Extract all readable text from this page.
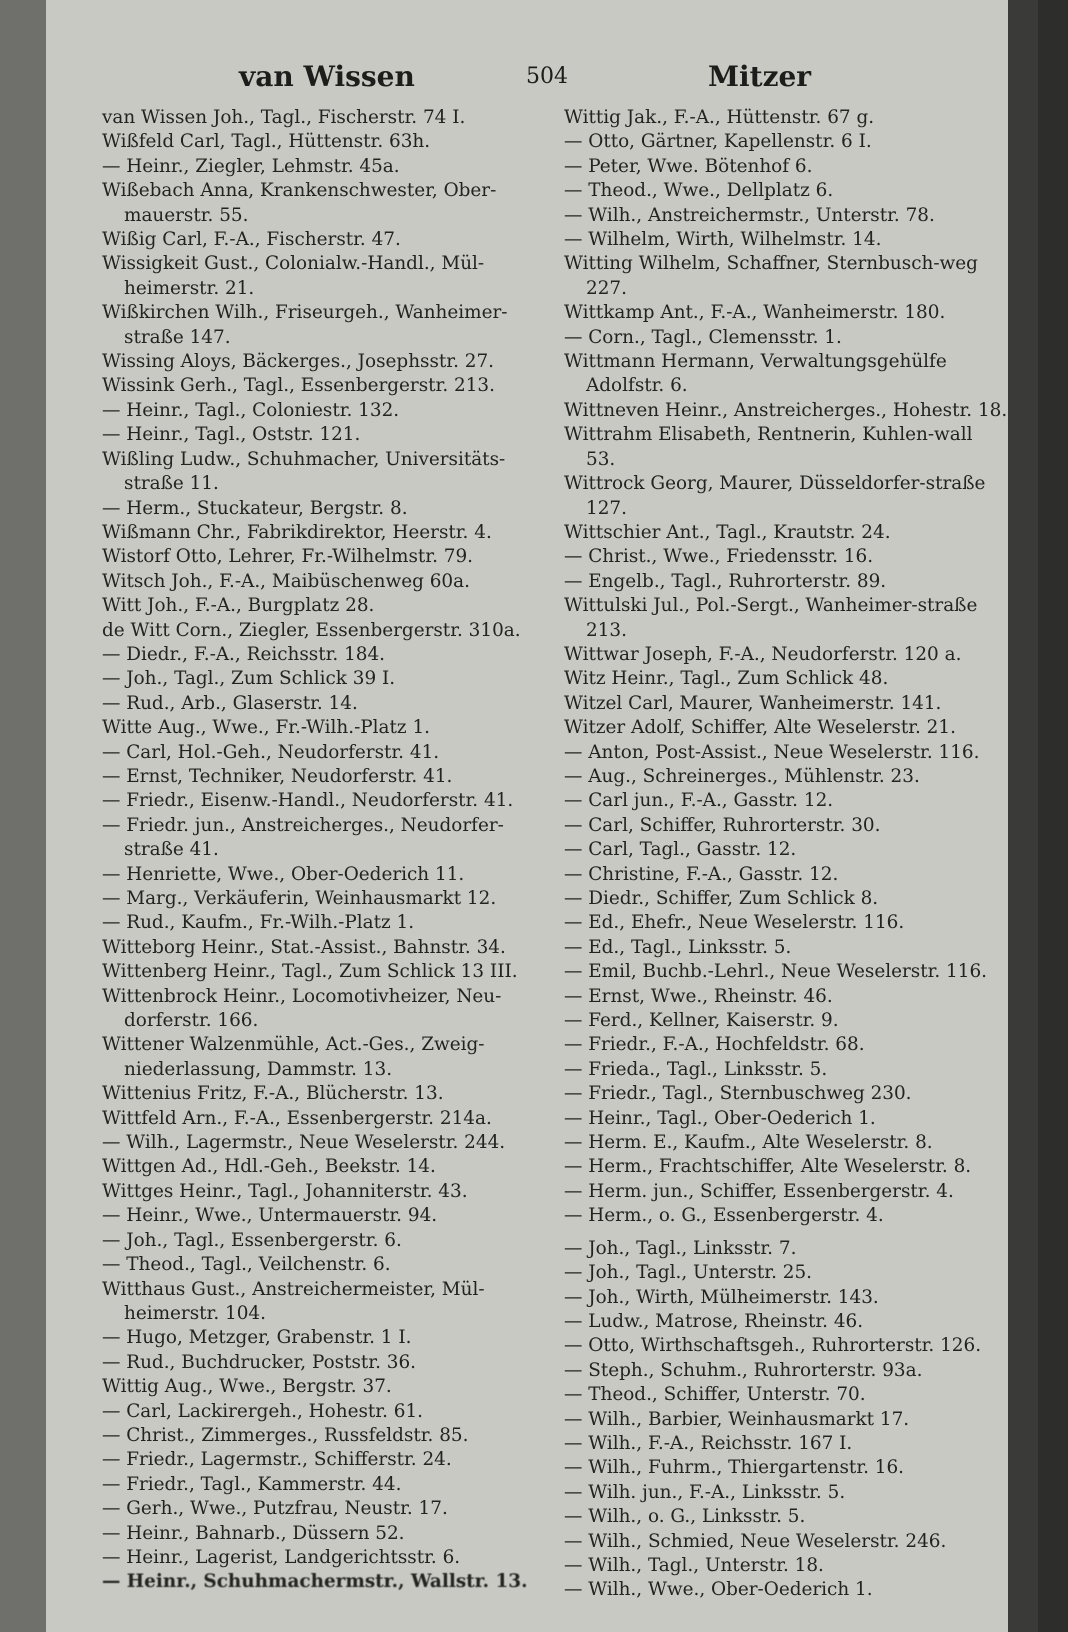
van Wissen	504	Mitzer

van Wissen Joh., Tagl., Fischerstr. 74 I.

Wißfeld Carl, Tagl., Hüttenstr. 63h.

— Heinr., Ziegler, Lehmstr. 45a.

Wißebach Anna, Krankenschwester, Ober-​mauerstr. 55.

Wißig Carl, F.-A., Fischerstr. 47.

Wissigkeit Gust., Colonialw.-Handl., Mül-​heimerstr. 21.

Wißkirchen Wilh., Friseurgeh., Wanheimer-​straße 147.

Wissing Aloys, Bäckerges., Josephsstr. 27.

Wissink Gerh., Tagl., Essenbergerstr. 213.

— Heinr., Tagl., Coloniestr. 132.

— Heinr., Tagl., Oststr. 121.

Wißling Ludw., Schuhmacher, Universitäts-​straße 11.

— Herm., Stuckateur, Bergstr. 8.

Wißmann Chr., Fabrikdirektor, Heerstr. 4.

Wistorf Otto, Lehrer, Fr.-Wilhelmstr. 79.

Witsch Joh., F.-A., Maibüschenweg 60a.

Witt Joh., F.-A., Burgplatz 28.

de Witt Corn., Ziegler, Essenbergerstr. 310a.

— Diedr., F.-A., Reichsstr. 184.

— Joh., Tagl., Zum Schlick 39 I.

— Rud., Arb., Glaserstr. 14.

Witte Aug., Wwe., Fr.-Wilh.-Platz 1.

— Carl, Hol.-Geh., Neudorferstr. 41.

— Ernst, Techniker, Neudorferstr. 41.

— Friedr., Eisenw.-Handl., Neudorferstr. 41.

— Friedr. jun., Anstreicherges., Neudorfer-​straße 41.

— Henriette, Wwe., Ober-Oederich 11.

— Marg., Verkäuferin, Weinhausmarkt 12.

— Rud., Kaufm., Fr.-Wilh.-Platz 1.

Witteborg Heinr., Stat.-Assist., Bahnstr. 34.

Wittenberg Heinr., Tagl., Zum Schlick 13 III.

Wittenbrock Heinr., Locomotivheizer, Neu-​dorferstr. 166.

Wittener Walzenmühle, Act.-Ges., Zweig-​niederlassung, Dammstr. 13.

Wittenius Fritz, F.-A., Blücherstr. 13.

Wittfeld Arn., F.-A., Essenbergerstr. 214a.

— Wilh., Lagermstr., Neue Weselerstr. 244.

Wittgen Ad., Hdl.-Geh., Beekstr. 14.

Wittges Heinr., Tagl., Johanniterstr. 43.

— Heinr., Wwe., Untermauerstr. 94.

— Joh., Tagl., Essenbergerstr. 6.

— Theod., Tagl., Veilchenstr. 6.

Witthaus Gust., Anstreichermeister, Mül-​heimerstr. 104.

— Hugo, Metzger, Grabenstr. 1 I.

— Rud., Buchdrucker, Poststr. 36.

Wittig Aug., Wwe., Bergstr. 37.

— Carl, Lackirergeh., Hohestr. 61.

— Christ., Zimmerges., Russfeldstr. 85.

— Friedr., Lagermstr., Schifferstr. 24.

— Friedr., Tagl., Kammerstr. 44.

— Gerh., Wwe., Putzfrau, Neustr. 17.

— Heinr., Bahnarb., Düssern 52.

— Heinr., Lagerist, Landgerichtsstr. 6.

— Heinr., Schuhmachermstr., Wallstr. 13.

Wittig Jak., F.-A., Hüttenstr. 67 g.

— Otto, Gärtner, Kapellenstr. 6 I.

— Peter, Wwe. Bötenhof 6.

— Theod., Wwe., Dellplatz 6.

— Wilh., Anstreichermstr., Unterstr. 78.

— Wilhelm, Wirth, Wilhelmstr. 14.

Witting Wilhelm, Schaffner, Sternbusch-​weg 227.

Wittkamp Ant., F.-A., Wanheimerstr. 180.

— Corn., Tagl., Clemensstr. 1.

Wittmann Hermann, Verwaltungsgehülfe Adolfstr. 6.

Wittneven Heinr., Anstreicherges., Hohestr. 18.

Wittrahm Elisabeth, Rentnerin, Kuhlen-​wall 53.

Wittrock Georg, Maurer, Düsseldorfer-​straße 127.

Wittschier Ant., Tagl., Krautstr. 24.

— Christ., Wwe., Friedensstr. 16.

— Engelb., Tagl., Ruhrorterstr. 89.

Wittulski Jul., Pol.-Sergt., Wanheimer-​straße 213.

Wittwar Joseph, F.-A., Neudorferstr. 120 a.

Witz Heinr., Tagl., Zum Schlick 48.

Witzel Carl, Maurer, Wanheimerstr. 141.

Witzer Adolf, Schiffer, Alte Weselerstr. 21.

— Anton, Post-Assist., Neue Weselerstr. 116.

— Aug., Schreinerges., Mühlenstr. 23.

— Carl jun., F.-A., Gasstr. 12.

— Carl, Schiffer, Ruhrorterstr. 30.

— Carl, Tagl., Gasstr. 12.

— Christine, F.-A., Gasstr. 12.

— Diedr., Schiffer, Zum Schlick 8.

— Ed., Ehefr., Neue Weselerstr. 116.

— Ed., Tagl., Linksstr. 5.

— Emil, Buchb.-Lehrl., Neue Weselerstr. 116.

— Ernst, Wwe., Rheinstr. 46.

— Ferd., Kellner, Kaiserstr. 9.

— Friedr., F.-A., Hochfeldstr. 68.

— Frieda., Tagl., Linksstr. 5.

— Friedr., Tagl., Sternbuschweg 230.

— Heinr., Tagl., Ober-Oederich 1.

— Herm. E., Kaufm., Alte Weselerstr. 8.

— Herm., Frachtschiffer, Alte Weselerstr. 8.

— Herm. jun., Schiffer, Essenbergerstr. 4.

— Herm., o. G., Essenbergerstr. 4.

— Joh., Tagl., Linksstr. 7.

— Joh., Tagl., Unterstr. 25.

— Joh., Wirth, Mülheimerstr. 143.

— Ludw., Matrose, Rheinstr. 46.

— Otto, Wirthschaftsgeh., Ruhrorterstr. 126.

— Steph., Schuhm., Ruhrorterstr. 93a.

— Theod., Schiffer, Unterstr. 70.

— Wilh., Barbier, Weinhausmarkt 17.

— Wilh., F.-A., Reichsstr. 167 I.

— Wilh., Fuhrm., Thiergartenstr. 16.

— Wilh. jun., F.-A., Linksstr. 5.

— Wilh., o. G., Linksstr. 5.

— Wilh., Schmied, Neue Weselerstr. 246.

— Wilh., Tagl., Unterstr. 18.

— Wilh., Wwe., Ober-Oederich 1.
